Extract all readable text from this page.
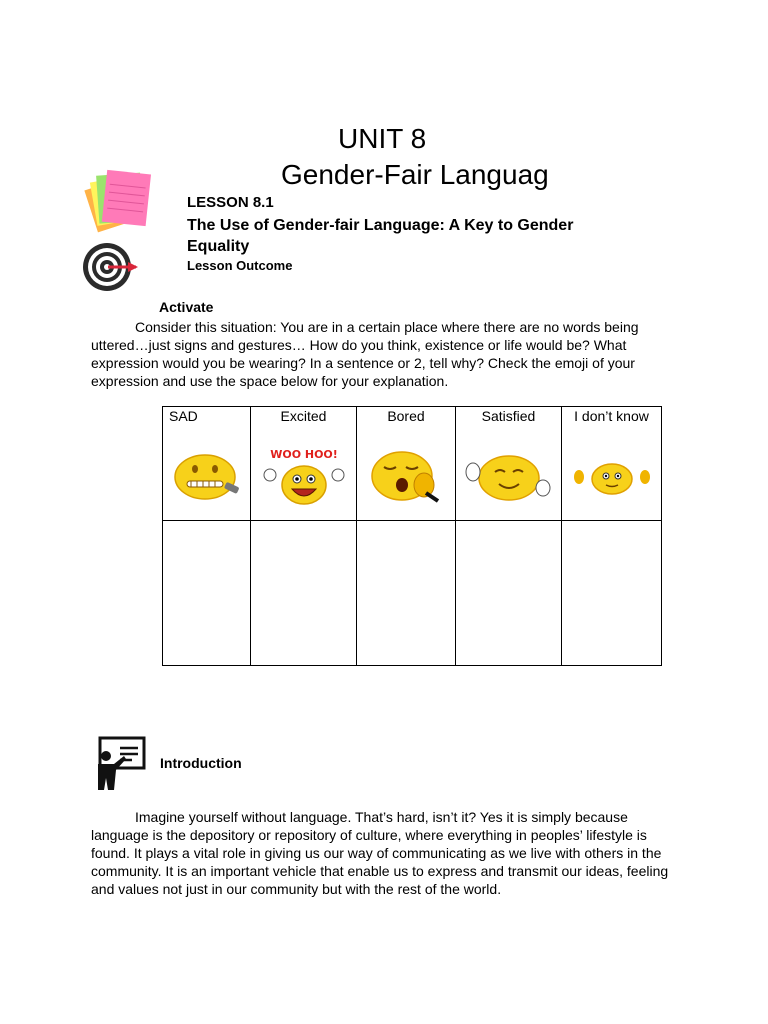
UNIT 8
Gender-Fair Languag
LESSON 8.1
The Use of Gender-fair Language: A Key to Gender Equality
Lesson Outcome
Activate
Consider this situation: You are in a certain place where there are no words being uttered…just signs and gestures… How do you think, existence or life would be? What expression would you be wearing? In a sentence or 2, tell why? Check the emoji of your expression and use the space below for your explanation.
SAD	Excited	Bored	Satisfied	I don’t know

WOO HOO!

Introduction
Imagine yourself without language. That’s hard, isn’t it? Yes it is simply because language is the depository or repository of culture, where everything in peoples’ lifestyle is found. It plays a vital role in giving us our way of communicating as we live with others in the community. It is an important vehicle that enable us to express and transmit our ideas, feeling and values not just in our community but with the rest of the world.
